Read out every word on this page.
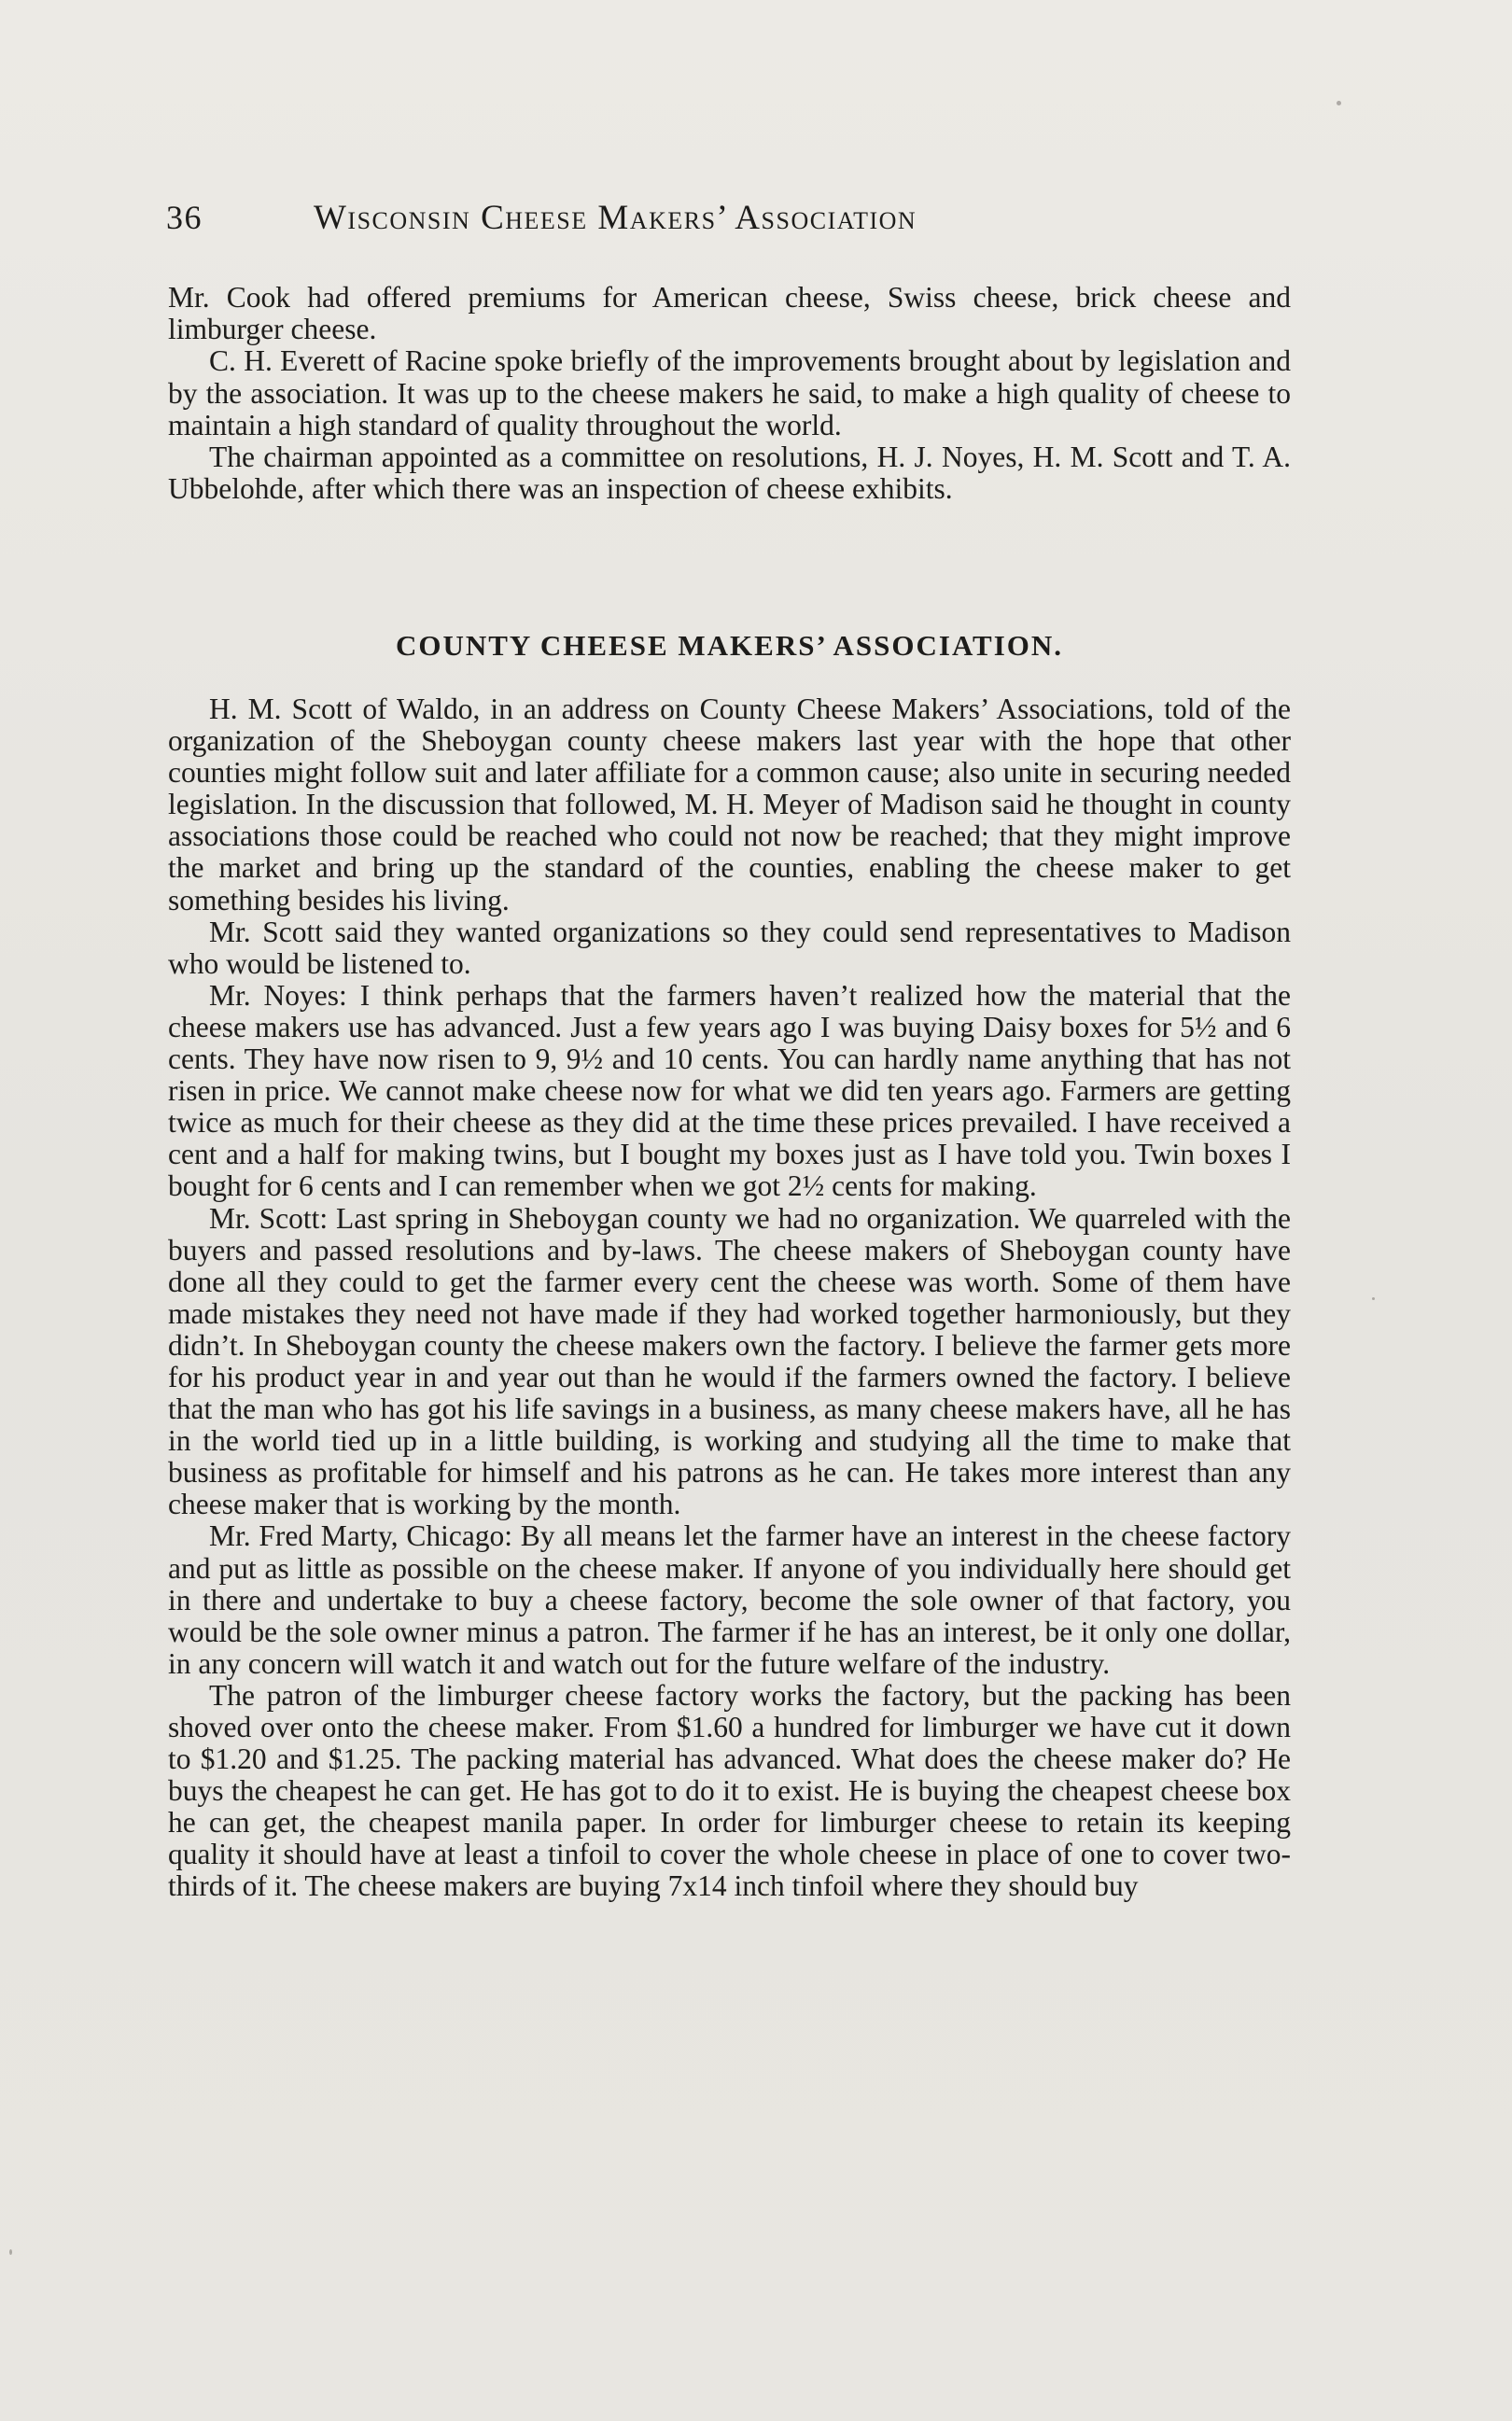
36	Wisconsin Cheese Makers’ Association

Mr. Cook had offered premiums for American cheese, Swiss cheese, brick cheese and limburger cheese.

C. H. Everett of Racine spoke briefly of the improvements brought about by legislation and by the association. It was up to the cheese makers he said, to make a high quality of cheese to maintain a high standard of quality throughout the world.

The chairman appointed as a committee on resolutions, H. J. Noyes, H. M. Scott and T. A. Ubbelohde, after which there was an inspection of cheese exhibits.

COUNTY CHEESE MAKERS’ ASSOCIATION.

H. M. Scott of Waldo, in an address on County Cheese Makers’ Associations, told of the organization of the Sheboygan county cheese makers last year with the hope that other counties might follow suit and later affiliate for a common cause; also unite in securing needed legislation. In the discussion that followed, M. H. Meyer of Madison said he thought in county associations those could be reached who could not now be reached; that they might improve the market and bring up the standard of the counties, enabling the cheese maker to get something besides his living.

Mr. Scott said they wanted organizations so they could send representatives to Madison who would be listened to.

Mr. Noyes: I think perhaps that the farmers haven’t realized how the material that the cheese makers use has advanced. Just a few years ago I was buying Daisy boxes for 5½ and 6 cents. They have now risen to 9, 9½ and 10 cents. You can hardly name anything that has not risen in price. We cannot make cheese now for what we did ten years ago. Farmers are getting twice as much for their cheese as they did at the time these prices prevailed. I have received a cent and a half for making twins, but I bought my boxes just as I have told you. Twin boxes I bought for 6 cents and I can remember when we got 2½ cents for making.

Mr. Scott: Last spring in Sheboygan county we had no organization. We quarreled with the buyers and passed resolutions and by-laws. The cheese makers of Sheboygan county have done all they could to get the farmer every cent the cheese was worth. Some of them have made mistakes they need not have made if they had worked together harmoniously, but they didn’t. In Sheboygan county the cheese makers own the factory. I believe the farmer gets more for his product year in and year out than he would if the farmers owned the factory. I believe that the man who has got his life savings in a business, as many cheese makers have, all he has in the world tied up in a little building, is working and studying all the time to make that business as profitable for himself and his patrons as he can. He takes more interest than any cheese maker that is working by the month.

Mr. Fred Marty, Chicago: By all means let the farmer have an interest in the cheese factory and put as little as possible on the cheese maker. If anyone of you individually here should get in there and undertake to buy a cheese factory, become the sole owner of that factory, you would be the sole owner minus a patron. The farmer if he has an interest, be it only one dollar, in any concern will watch it and watch out for the future welfare of the industry.

The patron of the limburger cheese factory works the factory, but the packing has been shoved over onto the cheese maker. From $1.60 a hundred for limburger we have cut it down to $1.20 and $1.25. The packing material has advanced. What does the cheese maker do? He buys the cheapest he can get. He has got to do it to exist. He is buying the cheapest cheese box he can get, the cheapest manila paper. In order for limburger cheese to retain its keeping quality it should have at least a tinfoil to cover the whole cheese in place of one to cover two-thirds of it. The cheese makers are buying 7x14 inch tinfoil where they should buy
